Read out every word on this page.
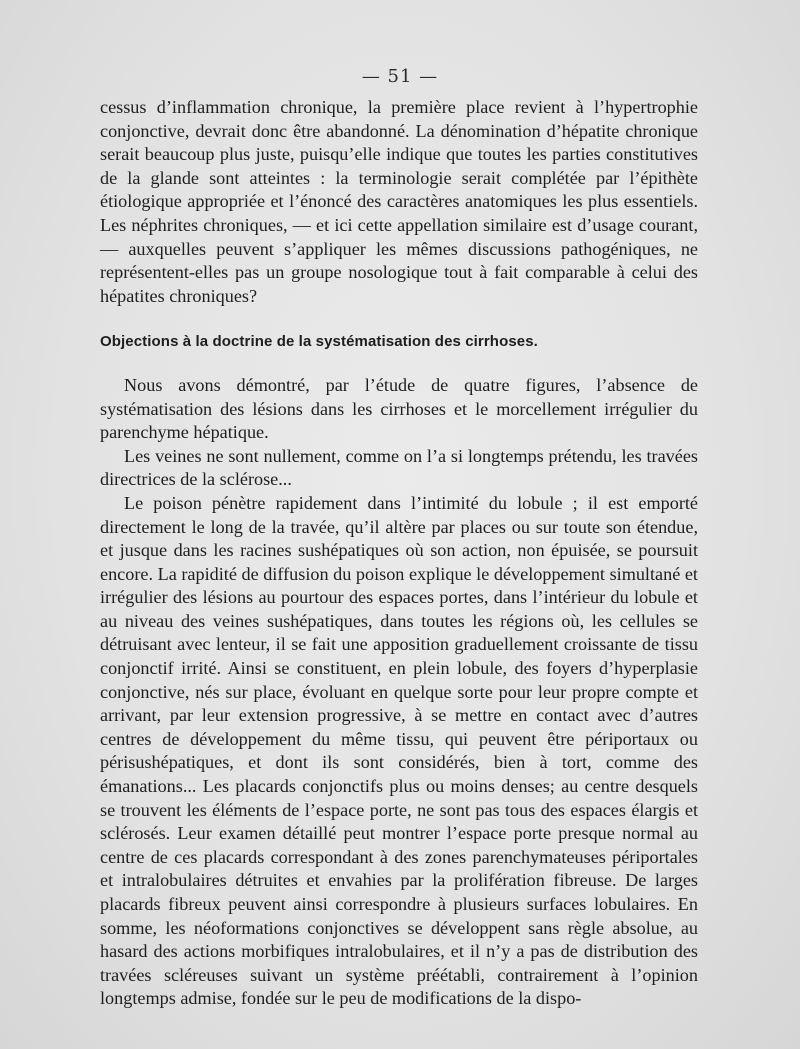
— 51 —

cessus d’inflammation chronique, la première place revient à l’hypertrophie conjonctive, devrait donc être abandonné. La dénomination d’hépatite chronique serait beaucoup plus juste, puisqu’elle indique que toutes les parties constitutives de la glande sont atteintes : la terminologie serait complétée par l’épithète étiologique appropriée et l’énoncé des caractères anatomiques les plus essentiels. Les néphrites chroniques, — et ici cette appellation similaire est d’usage courant, — auxquelles peuvent s’appliquer les mêmes discussions pathogéniques, ne représentent-elles pas un groupe nosologique tout à fait comparable à celui des hépatites chroniques?

Objections à la doctrine de la systématisation des cirrhoses.

Nous avons démontré, par l’étude de quatre figures, l’absence de systématisation des lésions dans les cirrhoses et le morcellement irrégulier du parenchyme hépatique.

Les veines ne sont nullement, comme on l’a si longtemps prétendu, les travées directrices de la sclérose...

Le poison pénètre rapidement dans l’intimité du lobule ; il est emporté directement le long de la travée, qu’il altère par places ou sur toute son étendue, et jusque dans les racines sushépatiques où son action, non épuisée, se poursuit encore. La rapidité de diffusion du poison explique le développement simultané et irrégulier des lésions au pourtour des espaces portes, dans l’intérieur du lobule et au niveau des veines sushépatiques, dans toutes les régions où, les cellules se détruisant avec lenteur, il se fait une apposition graduellement croissante de tissu conjonctif irrité. Ainsi se constituent, en plein lobule, des foyers d’hyperplasie conjonctive, nés sur place, évoluant en quelque sorte pour leur propre compte et arrivant, par leur extension progressive, à se mettre en contact avec d’autres centres de développement du même tissu, qui peuvent être périportaux ou périsushépatiques, et dont ils sont considérés, bien à tort, comme des émanations... Les placards conjonctifs plus ou moins denses; au centre desquels se trouvent les éléments de l’espace porte, ne sont pas tous des espaces élargis et sclérosés. Leur examen détaillé peut montrer l’espace porte presque normal au centre de ces placards correspondant à des zones parenchymateuses périportales et intralobulaires détruites et envahies par la prolifération fibreuse. De larges placards fibreux peuvent ainsi correspondre à plusieurs surfaces lobulaires. En somme, les néoformations conjonctives se développent sans règle absolue, au hasard des actions morbifiques intralobulaires, et il n’y a pas de distribution des travées scléreuses suivant un système préétabli, contrairement à l’opinion longtemps admise, fondée sur le peu de modifications de la dispo-
